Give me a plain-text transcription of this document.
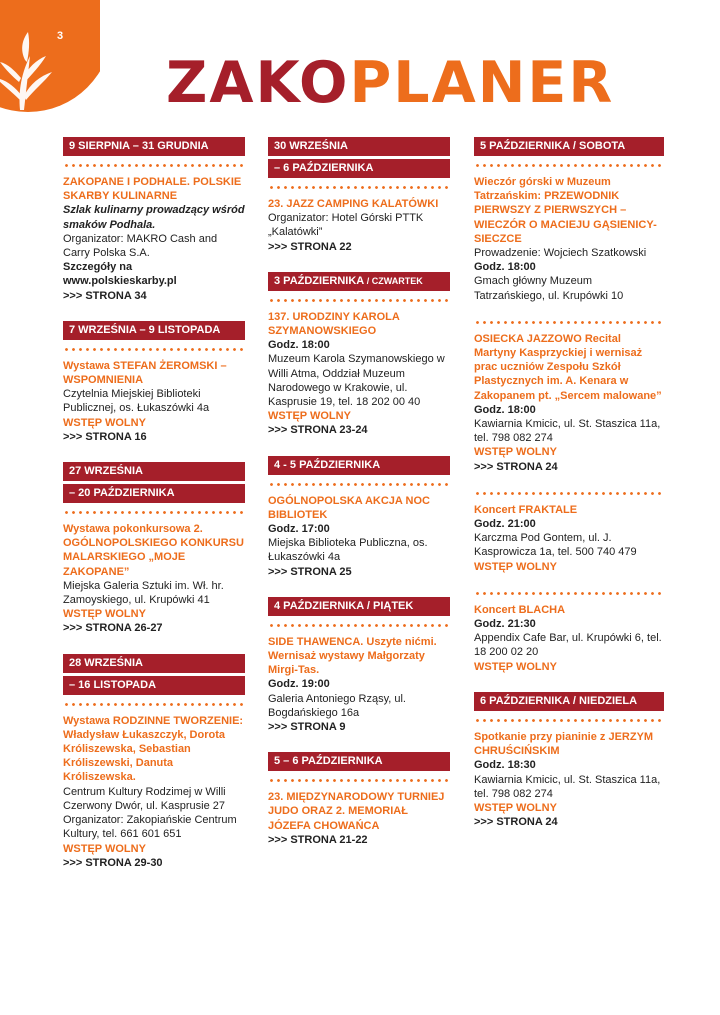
3
ZAKO PLANER
9 SIERPNIA – 31 GRUDNIA
ZAKOPANE I PODHALE. POLSKIE SKARBY KULINARNE
Szlak kulinarny prowadzący wśród smaków Podhala.
Organizator: MAKRO Cash and Carry Polska S.A.
Szczegóły na www.polskieskarby.pl
>>> STRONA 34
7 WRZEŚNIA – 9 LISTOPADA
Wystawa STEFAN ŻEROMSKI – WSPOMNIENIA
Czytelnia Miejskiej Biblioteki Publicznej, os. Łukaszówki 4a
WSTĘP WOLNY
>>> STRONA 16
27 WRZEŚNIA
– 20 PAŹDZIERNIKA
Wystawa pokonkursowa 2. OGÓLNOPOLSKIEGO KONKURSU MALARSKIEGO „MOJE ZAKOPANE”
Miejska Galeria Sztuki im. Wł. hr. Zamoyskiego, ul. Krupówki 41
WSTĘP WOLNY
>>> STRONA 26-27
28 WRZEŚNIA
– 16 LISTOPADA
Wystawa RODZINNE TWORZENIE: Władysław Łukaszczyk, Dorota Króliszewska, Sebastian Króliszewski, Danuta Króliszewska.
Centrum Kultury Rodzimej w Willi Czerwony Dwór, ul. Kasprusie 27
Organizator: Zakopiańskie Centrum Kultury, tel. 661 601 651
WSTĘP WOLNY
>>> STRONA 29-30
30 WRZEŚNIA
– 6 PAŹDZIERNIKA
23. JAZZ CAMPING KALATÓWKI
Organizator: Hotel Górski PTTK „Kalatówki”
>>> STRONA 22
3 PAŹDZIERNIKA / CZWARTEK
137. URODZINY KAROLA SZYMANOWSKIEGO
Godz. 18:00
Muzeum Karola Szymanowskiego w Willi Atma, Oddział Muzeum Narodowego w Krakowie, ul. Kasprusie 19, tel. 18 202 00 40
WSTĘP WOLNY
>>> STRONA 23-24
4 - 5 PAŹDZIERNIKA
OGÓLNOPOLSKA AKCJA NOC BIBLIOTEK
Godz. 17:00
Miejska Biblioteka Publiczna, os. Łukaszówki 4a
>>> STRONA 25
4 PAŹDZIERNIKA / PIĄTEK
SIDE THAWENCA. Uszyte nićmi. Wernisaż wystawy Małgorzaty Mirgi-Tas.
Godz. 19:00
Galeria Antoniego Rząsy, ul. Bogdańskiego 16a
>>> STRONA 9
5 – 6 PAŹDZIERNIKA
23. MIĘDZYNARODOWY TURNIEJ JUDO ORAZ 2. MEMORIAŁ JÓZEFA CHOWAŃCA
>>> STRONA 21-22
5 PAŹDZIERNIKA / SOBOTA
Wieczór górski w Muzeum Tatrzańskim: PRZEWODNIK PIERWSZY Z PIERWSZYCH – WIECZÓR O MACIEJU GĄSIENICY-SIECZCE
Prowadzenie: Wojciech Szatkowski
Godz. 18:00
Gmach główny Muzeum Tatrzańskiego, ul. Krupówki 10
OSIECKA JAZZOWO Recital Martyny Kasprzyckiej i wernisaż prac uczniów Zespołu Szkół Plastycznych im. A. Kenara w Zakopanem pt. „Sercem malowane”
Godz. 18:00
Kawiarnia Kmicic, ul. St. Staszica 11a, tel. 798 082 274
WSTĘP WOLNY
>>> STRONA 24
Koncert FRAKTALE
Godz. 21:00
Karczma Pod Gontem, ul. J. Kasprowicza 1a, tel. 500 740 479
WSTĘP WOLNY
Koncert BLACHA
Godz. 21:30
Appendix Cafe Bar, ul. Krupówki 6, tel. 18 200 02 20
WSTĘP WOLNY
6 PAŹDZIERNIKA / NIEDZIELA
Spotkanie przy pianinie z JERZYM CHRUŚCIŃSKIM
Godz. 18:30
Kawiarnia Kmicic, ul. St. Staszica 11a, tel. 798 082 274
WSTĘP WOLNY
>>> STRONA 24
